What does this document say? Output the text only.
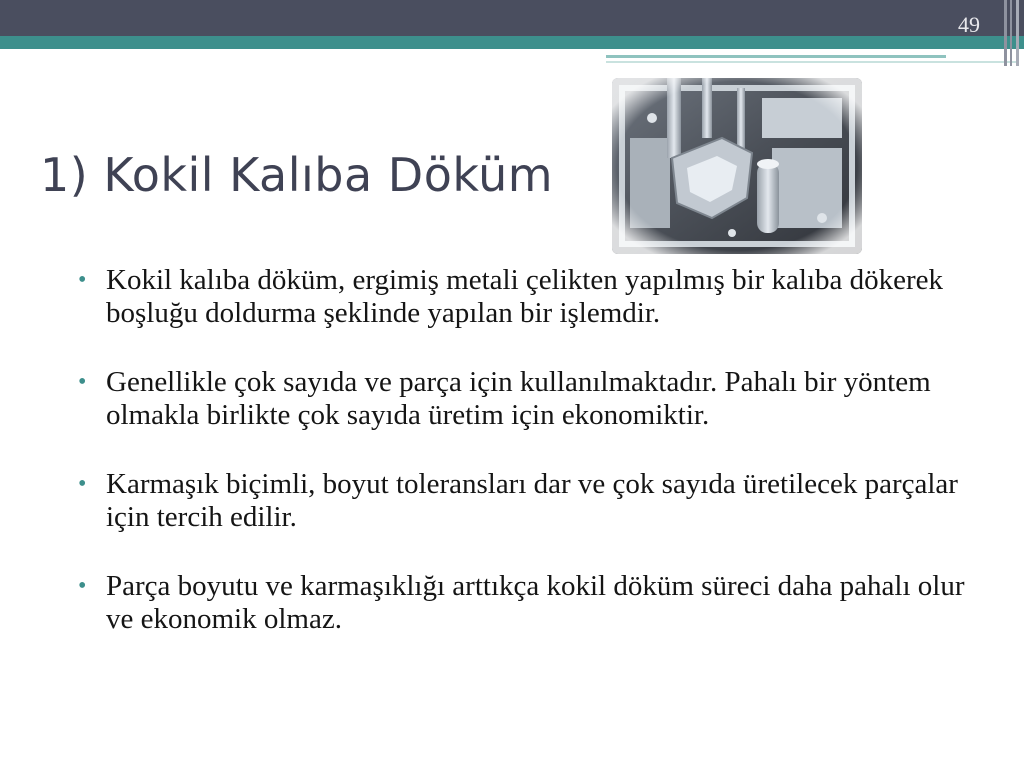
49
1) Kokil Kalıba Döküm
• Kokil kalıba döküm, ergimiş metali çelikten yapılmış bir kalıba dökerek boşluğu doldurma şeklinde yapılan bir işlemdir.
• Genellikle çok sayıda ve parça için kullanılmaktadır. Pahalı bir yöntem olmakla birlikte çok sayıda üretim için ekonomiktir.
• Karmaşık biçimli, boyut toleransları dar ve çok sayıda üretilecek parçalar için tercih edilir.
• Parça boyutu ve karmaşıklığı arttıkça kokil döküm süreci daha pahalı olur ve ekonomik olmaz.
